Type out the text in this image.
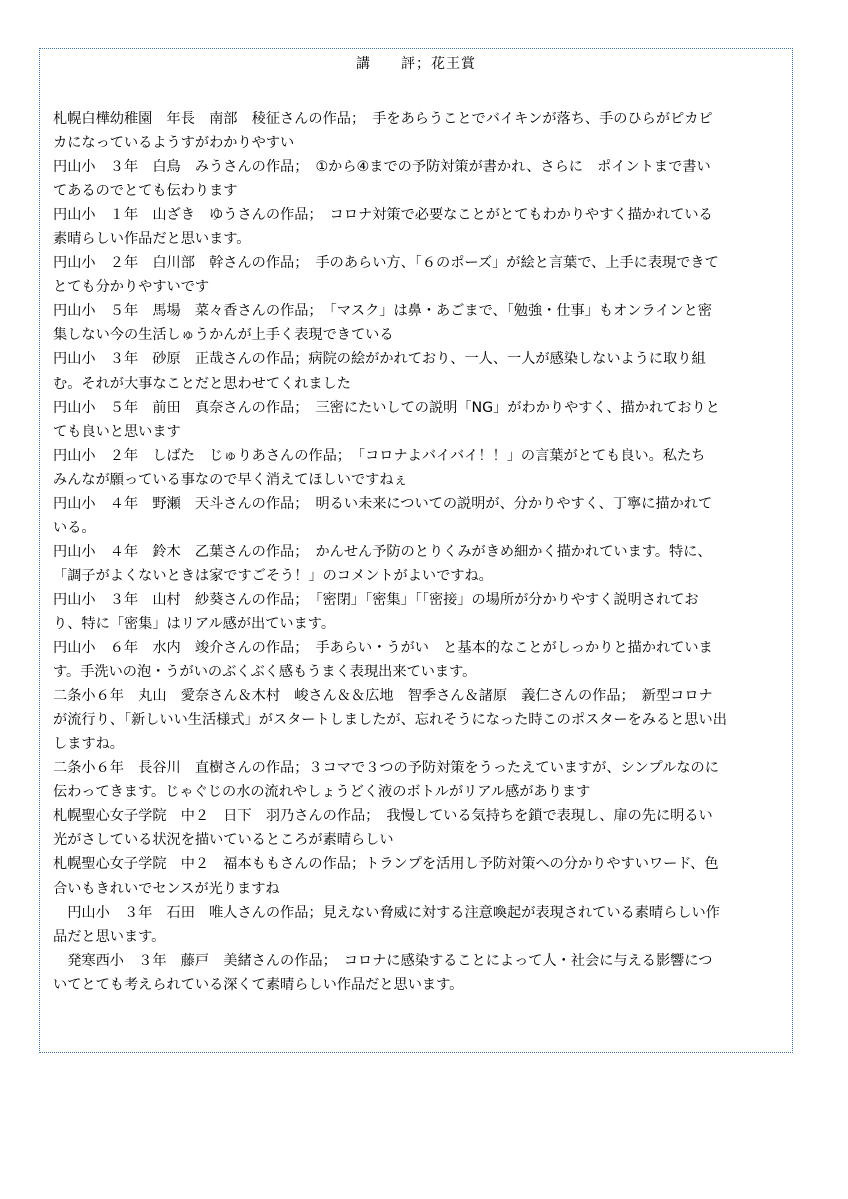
講　　評；花王賞
札幌白樺幼稚園　年長　南部　稜征さんの作品；　手をあらうことでバイキンが落ち、手のひらがピカピ
カになっているようすがわかりやすい
円山小　３年　白鳥　みうさんの作品；　①から④までの予防対策が書かれ、さらに　ポイントまで書い
てあるのでとても伝わります
円山小　１年　山ざき　ゆうさんの作品；　コロナ対策で必要なことがとてもわかりやすく描かれている
素晴らしい作品だと思います。
円山小　２年　白川部　幹さんの作品；　手のあらい方、「６のポーズ」が絵と言葉で、上手に表現できて
とても分かりやすいです
円山小　５年　馬場　菜々香さんの作品；　「マスク」は鼻・あごまで、「勉強・仕事」もオンラインと密
集しない今の生活しゅうかんが上手く表現できている
円山小　３年　砂原　正哉さんの作品；病院の絵がかれており、一人、一人が感染しないように取り組
む。それが大事なことだと思わせてくれました
円山小　５年　前田　真奈さんの作品；　三密にたいしての説明「NG」がわかりやすく、描かれておりと
ても良いと思います
円山小　２年　しばた　じゅりあさんの作品；　「コロナよバイバイ！！」の言葉がとても良い。私たち
みんなが願っている事なので早く消えてほしいですねぇ
円山小　４年　野瀬　天斗さんの作品；　明るい未来についての説明が、分かりやすく、丁寧に描かれて
いる。
円山小　４年　鈴木　乙葉さんの作品；　かんせん予防のとりくみがきめ細かく描かれています。特に、
「調子がよくないときは家ですごそう！」のコメントがよいですね。
円山小　３年　山村　紗葵さんの作品；　「密閉」「密集」「「密接」の場所が分かりやすく説明されてお
り、特に「密集」はリアル感が出ています。
円山小　６年　水内　竣介さんの作品；　手あらい・うがい　と基本的なことがしっかりと描かれていま
す。手洗いの泡・うがいのぶくぶく感もうまく表現出来ています。
二条小６年　丸山　愛奈さん＆木村　峻さん＆＆広地　智季さん＆諸原　義仁さんの作品；　新型コロナ
が流行り、「新しいい生活様式」がスタートしましたが、忘れそうになった時このポスターをみると思い出
しますね。
二条小６年　長谷川　直樹さんの作品；３コマで３つの予防対策をうったえていますが、シンプルなのに
伝わってきます。じゃぐじの水の流れやしょうどく液のボトルがリアル感があります
札幌聖心女子学院　中２　日下　羽乃さんの作品；　我慢している気持ちを鎖で表現し、扉の先に明るい
光がさしている状況を描いているところが素晴らしい
札幌聖心女子学院　中２　福本ももさんの作品；トランプを活用し予防対策への分かりやすいワード、色
合いもきれいでセンスが光りますね
　円山小　３年　石田　唯人さんの作品；見えない脅威に対する注意喚起が表現されている素晴らしい作
品だと思います。
　発寒西小　３年　藤戸　美緒さんの作品；　コロナに感染することによって人・社会に与える影響につ
いてとても考えられている深くて素晴らしい作品だと思います。
